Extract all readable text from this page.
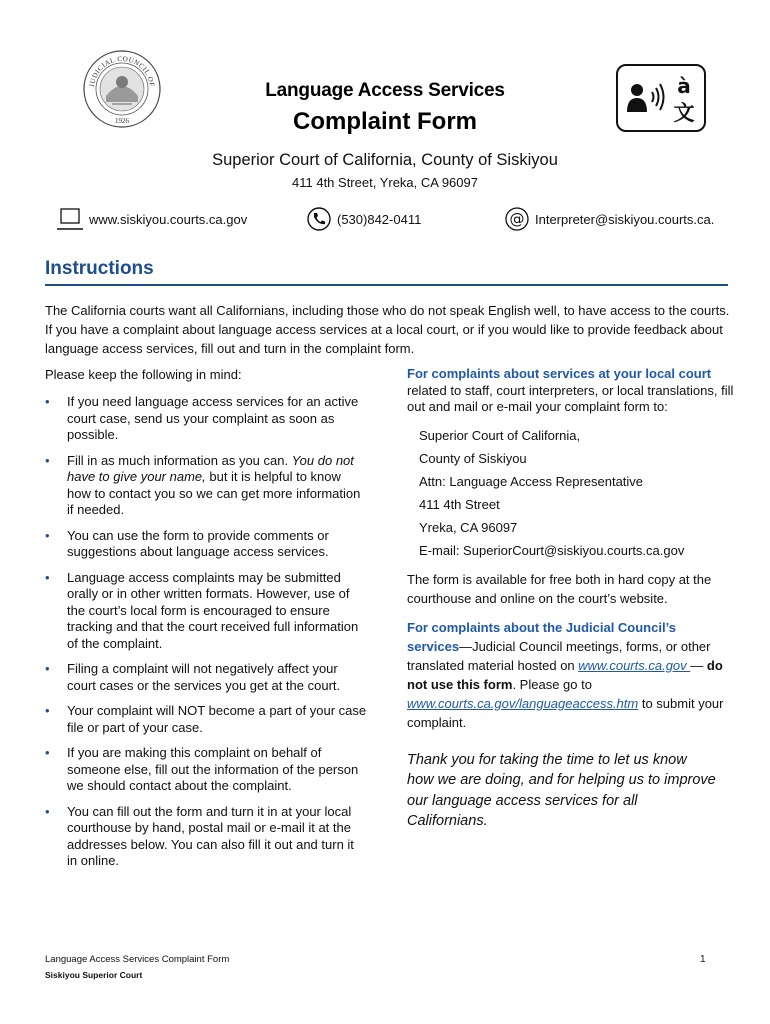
JUDICIAL COUNCIL OF
1926
Language Access Services
Complaint Form
à
文
Superior Court of California, County of Siskiyou
411 4th Street, Yreka, CA 96097
www.siskiyou.courts.ca.gov	(530)842-0411	@ Interpreter@siskiyou.courts.ca.
Instructions
The California courts want all Californians, including those who do not speak English well, to have access to the courts. If you have a complaint about language access services at a local court, or if you would like to provide feedback about language access services, fill out and turn in the complaint form.
Please keep the following in mind:
• If you need language access services for an active court case, send us your complaint as soon as possible.
• Fill in as much information as you can. You do not have to give your name, but it is helpful to know how to contact you so we can get more information if needed.
• You can use the form to provide comments or suggestions about language access services.
• Language access complaints may be submitted orally or in other written formats. However, use of the court’s local form is encouraged to ensure tracking and that the court received full information of the complaint.
• Filing a complaint will not negatively affect your court cases or the services you get at the court.
• Your complaint will NOT become a part of your case file or part of your case.
• If you are making this complaint on behalf of someone else, fill out the information of the person we should contact about the complaint.
• You can fill out the form and turn it in at your local courthouse by hand, postal mail or e-mail it at the addresses below. You can also fill it out and turn it in online.
For complaints about services at your local court
related to staff, court interpreters, or local translations, fill out and mail or e-mail your complaint form to:
Superior Court of California,
County of Siskiyou
Attn: Language Access Representative
411 4th Street
Yreka, CA 96097
E-mail: SuperiorCourt@siskiyou.courts.ca.gov
The form is available for free both in hard copy at the courthouse and online on the court’s website.
For complaints about the Judicial Council’s
services—Judicial Council meetings, forms, or other translated material hosted on www.courts.ca.gov — do not use this form. Please go to www.courts.ca.gov/languageaccess.htm to submit your complaint.
Thank you for taking the time to let us know how we are doing, and for helping us to improve our language access services for all Californians.
Language Access Services Complaint Form
Siskiyou Superior Court
1
